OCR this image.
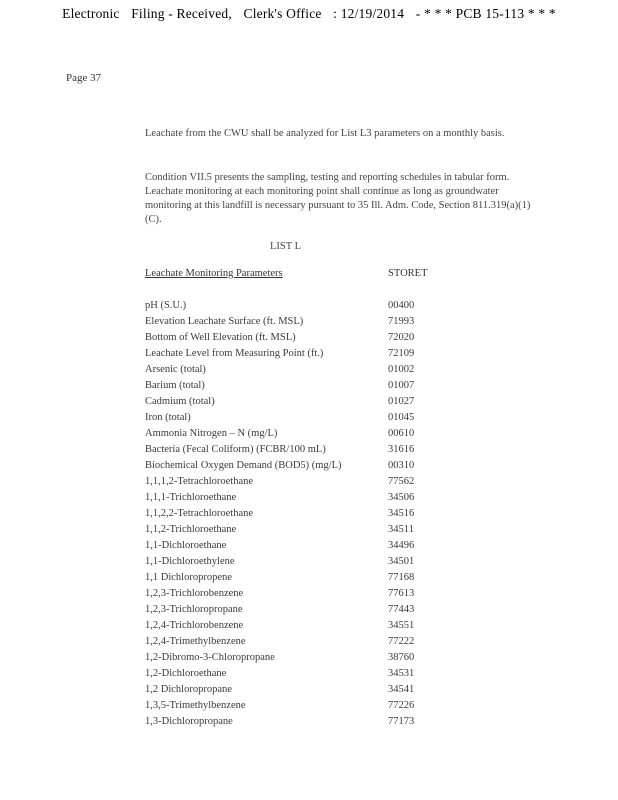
Electronic Filing - Received, Clerk's Office : 12/19/2014 - * * * PCB 15-113 * * *
Page 37
Leachate from the CWU shall be analyzed for List L3 parameters on a monthly basis.
Condition VII.5 presents the sampling, testing and reporting schedules in tabular form. Leachate monitoring at each monitoring point shall continue as long as groundwater monitoring at this landfill is necessary pursuant to 35 Ill. Adm. Code, Section 811.319(a)(1)(C).
LIST L
Leachate Monitoring Parameters	STORET
pH (S.U.)	00400
Elevation Leachate Surface (ft. MSL)	71993
Bottom of Well Elevation (ft. MSL)	72020
Leachate Level from Measuring Point (ft.)	72109
Arsenic (total)	01002
Barium (total)	01007
Cadmium (total)	01027
Iron (total)	01045
Ammonia Nitrogen – N (mg/L)	00610
Bacteria (Fecal Coliform) (FCBR/100 mL)	31616
Biochemical Oxygen Demand (BOD5) (mg/L)	00310
1,1,1,2-Tetrachloroethane	77562
1,1,1-Trichloroethane	34506
1,1,2,2-Tetrachloroethane	34516
1,1,2-Trichloroethane	34511
1,1-Dichloroethane	34496
1,1-Dichloroethylene	34501
1,1 Dichloropropene	77168
1,2,3-Trichlorobenzene	77613
1,2,3-Trichloropropane	77443
1,2,4-Trichlorobenzene	34551
1,2,4-Trimethylbenzene	77222
1,2-Dibromo-3-Chloropropane	38760
1,2-Dichloroethane	34531
1,2 Dichloropropane	34541
1,3,5-Trimethylbenzene	77226
1,3-Dichloropropane	77173
